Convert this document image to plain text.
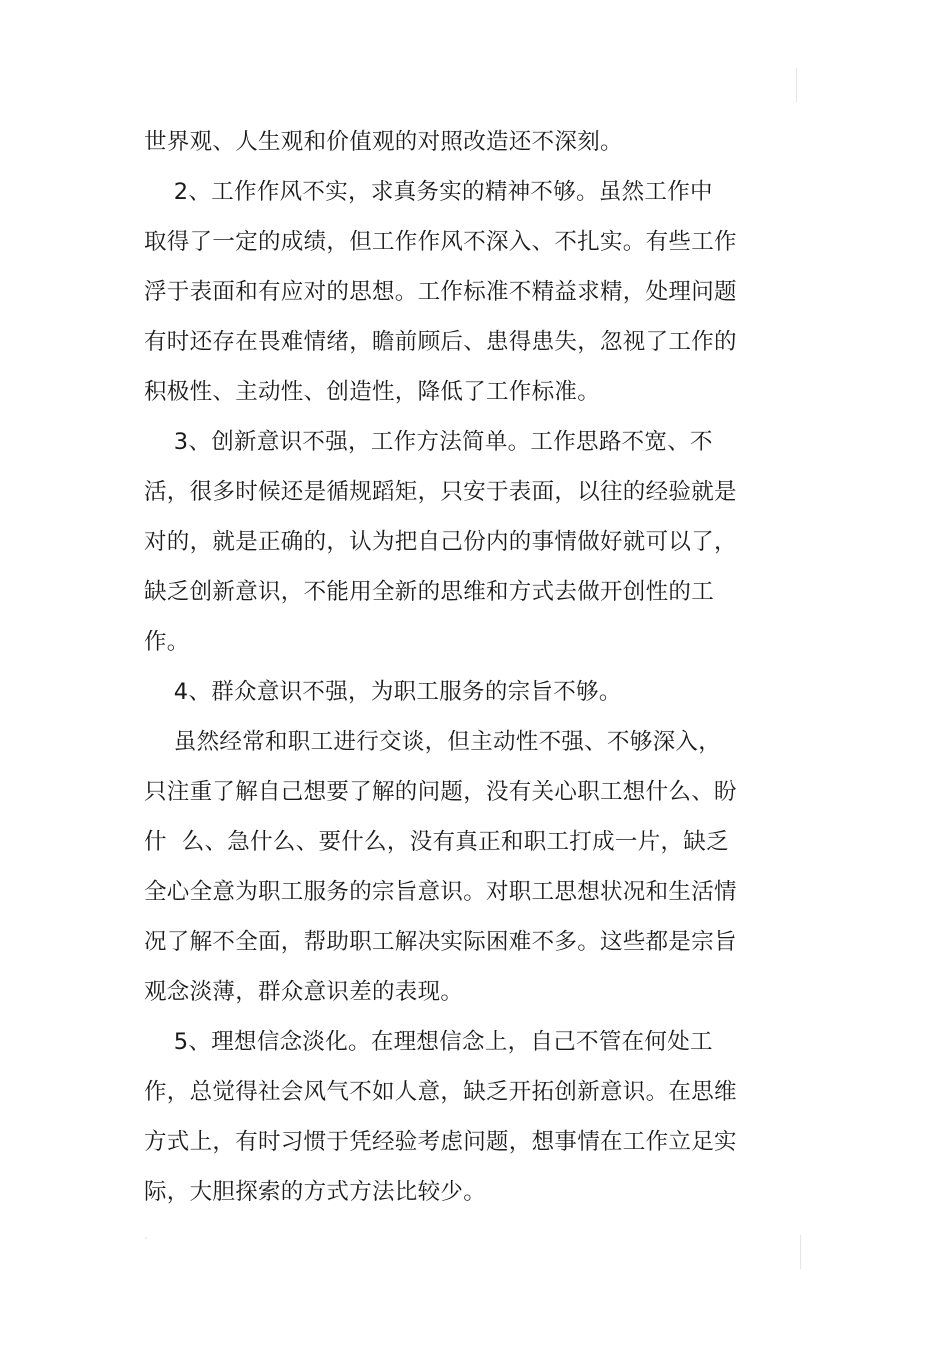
世界观、人生观和价值观的对照改造还不深刻。
2、工作作风不实，求真务实的精神不够。虽然工作中
取得了一定的成绩，但工作作风不深入、不扎实。有些工作
浮于表面和有应对的思想。工作标准不精益求精，处理问题
有时还存在畏难情绪，瞻前顾后、患得患失，忽视了工作的
积极性、主动性、创造性，降低了工作标准。
3、创新意识不强，工作方法简单。工作思路不宽、不
活，很多时候还是循规蹈矩，只安于表面，以往的经验就是
对的，就是正确的，认为把自己份内的事情做好就可以了，
缺乏创新意识，不能用全新的思维和方式去做开创性的工
作。
4、群众意识不强，为职工服务的宗旨不够。
虽然经常和职工进行交谈，但主动性不强、不够深入，
只注重了解自己想要了解的问题，没有关心职工想什么、盼
什  么、急什么、要什么，没有真正和职工打成一片，缺乏
全心全意为职工服务的宗旨意识。对职工思想状况和生活情
况了解不全面，帮助职工解决实际困难不多。这些都是宗旨
观念淡薄，群众意识差的表现。
5、理想信念淡化。在理想信念上，自己不管在何处工
作，总觉得社会风气不如人意，缺乏开拓创新意识。在思维
方式上，有时习惯于凭经验考虑问题，想事情在工作立足实
际，大胆探索的方式方法比较少。
